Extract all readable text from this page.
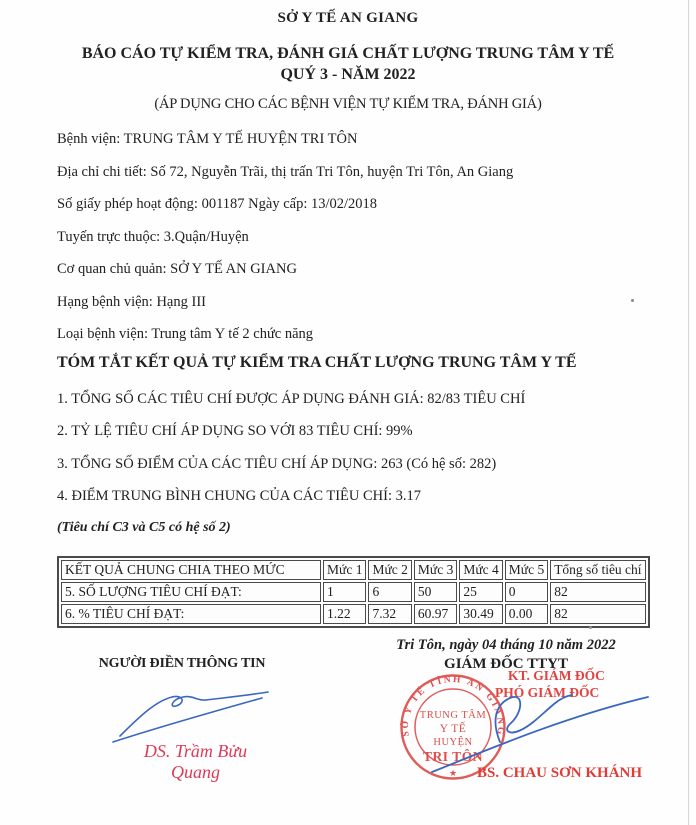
SỞ Y TẾ AN GIANG
BÁO CÁO TỰ KIỂM TRA, ĐÁNH GIÁ CHẤT LƯỢNG TRUNG TÂM Y TẾ
QUÝ 3 - NĂM 2022
(ÁP DỤNG CHO CÁC BỆNH VIỆN TỰ KIỂM TRA, ĐÁNH GIÁ)
Bệnh viện: TRUNG TÂM Y TẾ HUYỆN TRI TÔN
Địa chỉ chi tiết: Số 72, Nguyễn Trãi, thị trấn Tri Tôn, huyện Tri Tôn, An Giang
Số giấy phép hoạt động: 001187 Ngày cấp: 13/02/2018
Tuyến trực thuộc: 3.Quận/Huyện
Cơ quan chủ quản: SỞ Y TẾ AN GIANG
Hạng bệnh viện: Hạng III
Loại bệnh viện: Trung tâm Y tế 2 chức năng
TÓM TẮT KẾT QUẢ TỰ KIỂM TRA CHẤT LƯỢNG TRUNG TÂM Y TẾ
1. TỔNG SỐ CÁC TIÊU CHÍ ĐƯỢC ÁP DỤNG ĐÁNH GIÁ: 82/83 TIÊU CHÍ
2. TỶ LỆ TIÊU CHÍ ÁP DỤNG SO VỚI 83 TIÊU CHÍ: 99%
3. TỔNG SỐ ĐIỂM CỦA CÁC TIÊU CHÍ ÁP DỤNG: 263 (Có hệ số: 282)
4. ĐIỂM TRUNG BÌNH CHUNG CỦA CÁC TIÊU CHÍ: 3.17
(Tiêu chí C3 và C5 có hệ số 2)
KẾT QUẢ CHUNG CHIA THEO MỨC	Mức 1	Mức 2	Mức 3	Mức 4	Mức 5	Tổng số tiêu chí
5. SỐ LƯỢNG TIÊU CHÍ ĐẠT:	1	6	50	25	0	82
6. % TIÊU CHÍ ĐẠT:	1.22	7.32	60.97	30.49	0.00	82
Tri Tôn, ngày 04 tháng 10 năm 2022
GIÁM ĐỐC TTYT
NGƯỜI ĐIỀN THÔNG TIN
SỞ Y TẾ TỈNH AN GIANG
★
TRUNG TÂM
Y TẾ
HUYỆN
TRI TÔN
KT. GIÁM ĐỐC
PHÓ GIÁM ĐỐC
DS. Trầm Bửu Quang	BS. CHAU SƠN KHÁNH
